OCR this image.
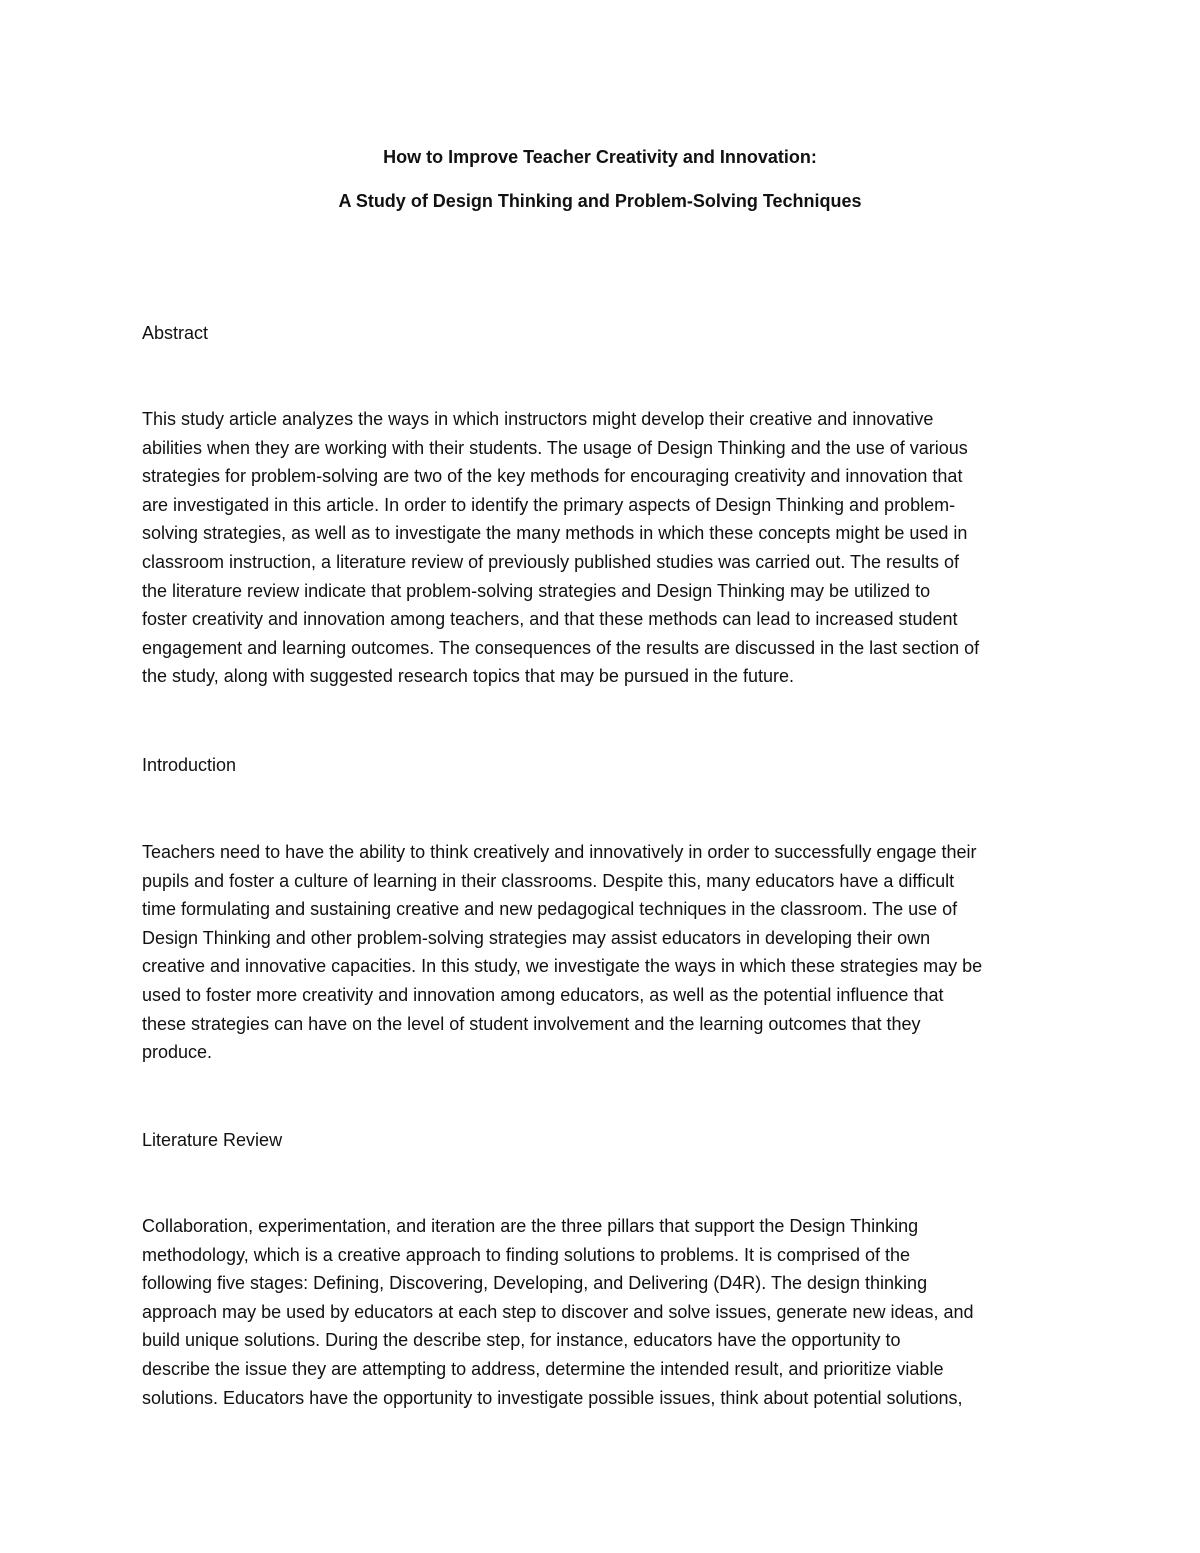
How to Improve Teacher Creativity and Innovation:

A Study of Design Thinking and Problem-Solving Techniques

Abstract

This study article analyzes the ways in which instructors might develop their creative and innovative
abilities when they are working with their students. The usage of Design Thinking and the use of various
strategies for problem-solving are two of the key methods for encouraging creativity and innovation that
are investigated in this article. In order to identify the primary aspects of Design Thinking and problem-
solving strategies, as well as to investigate the many methods in which these concepts might be used in
classroom instruction, a literature review of previously published studies was carried out. The results of
the literature review indicate that problem-solving strategies and Design Thinking may be utilized to
foster creativity and innovation among teachers, and that these methods can lead to increased student
engagement and learning outcomes. The consequences of the results are discussed in the last section of
the study, along with suggested research topics that may be pursued in the future.

Introduction

Teachers need to have the ability to think creatively and innovatively in order to successfully engage their
pupils and foster a culture of learning in their classrooms. Despite this, many educators have a difficult
time formulating and sustaining creative and new pedagogical techniques in the classroom. The use of
Design Thinking and other problem-solving strategies may assist educators in developing their own
creative and innovative capacities. In this study, we investigate the ways in which these strategies may be
used to foster more creativity and innovation among educators, as well as the potential influence that
these strategies can have on the level of student involvement and the learning outcomes that they
produce.

Literature Review

Collaboration, experimentation, and iteration are the three pillars that support the Design Thinking
methodology, which is a creative approach to finding solutions to problems. It is comprised of the
following five stages: Defining, Discovering, Developing, and Delivering (D4R). The design thinking
approach may be used by educators at each step to discover and solve issues, generate new ideas, and
build unique solutions. During the describe step, for instance, educators have the opportunity to
describe the issue they are attempting to address, determine the intended result, and prioritize viable
solutions. Educators have the opportunity to investigate possible issues, think about potential solutions,
